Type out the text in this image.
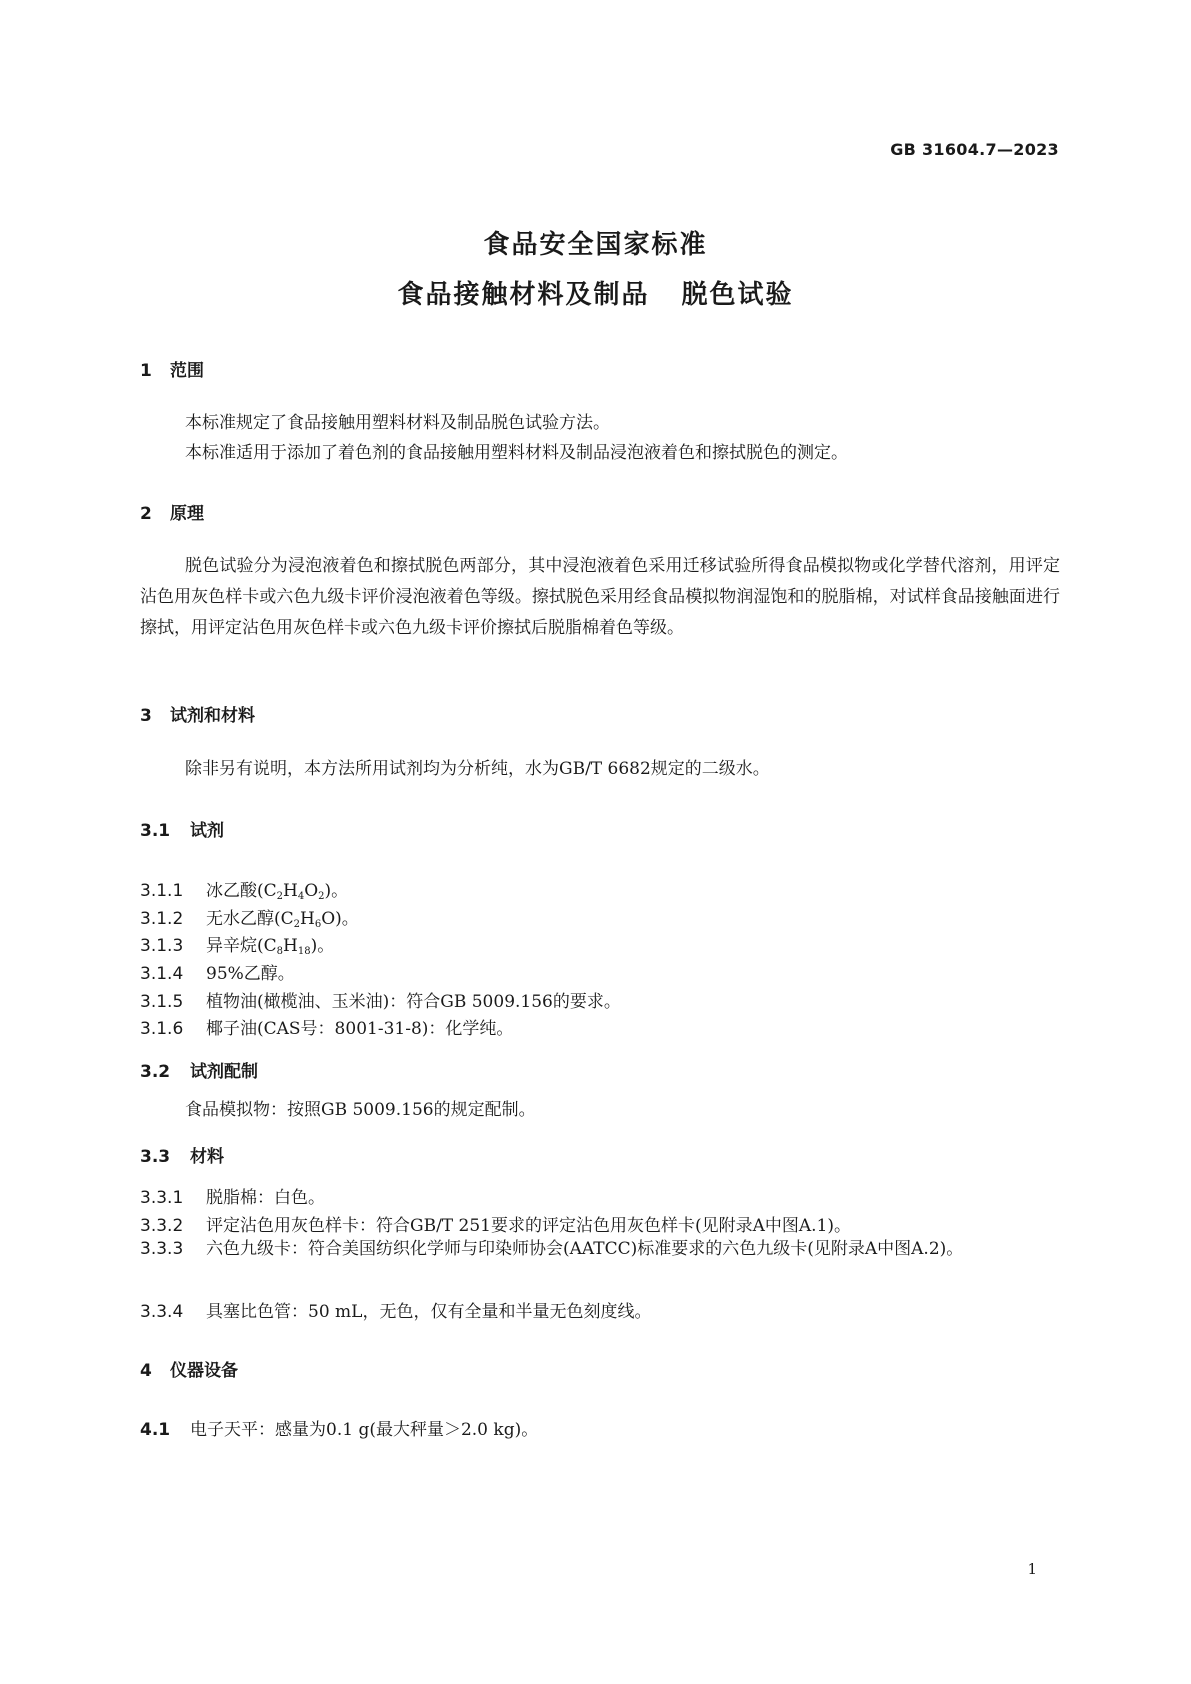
GB 31604.7—2023
食品安全国家标准
食品接触材料及制品 脱色试验
1 范围
本标准规定了食品接触用塑料材料及制品脱色试验方法。
本标准适用于添加了着色剂的食品接触用塑料材料及制品浸泡液着色和擦拭脱色的测定。
2 原理
脱色试验分为浸泡液着色和擦拭脱色两部分，其中浸泡液着色采用迁移试验所得食品模拟物或化学替代溶剂，用评定沾色用灰色样卡或六色九级卡评价浸泡液着色等级。擦拭脱色采用经食品模拟物润湿饱和的脱脂棉，对试样食品接触面进行擦拭，用评定沾色用灰色样卡或六色九级卡评价擦拭后脱脂棉着色等级。
3 试剂和材料
除非另有说明，本方法所用试剂均为分析纯，水为GB/T 6682规定的二级水。
3.1 试剂
3.1.1 冰乙酸$(C_2H_4O_2)$。
3.1.2 无水乙醇$(C_2H_6O)$。
3.1.3 异辛烷$(C_8H_{18})$。
3.1.4 95%乙醇。
3.1.5 植物油(橄榄油、玉米油)：符合GB 5009.156的要求。
3.1.6 椰子油(CAS号：8001-31-8)：化学纯。
3.2 试剂配制
食品模拟物：按照GB 5009.156的规定配制。
3.3 材料
3.3.1 脱脂棉：白色。
3.3.2 评定沾色用灰色样卡：符合GB/T 251要求的评定沾色用灰色样卡(见附录A中图A.1)。
3.3.3 六色九级卡：符合美国纺织化学师与印染师协会(AATCC)标准要求的六色九级卡(见附录A中图A.2)。
3.3.4 具塞比色管：50 mL，无色，仅有全量和半量无色刻度线。
4 仪器设备
4.1 电子天平：感量为0.1 g(最大秤量＞2.0 kg)。
1
